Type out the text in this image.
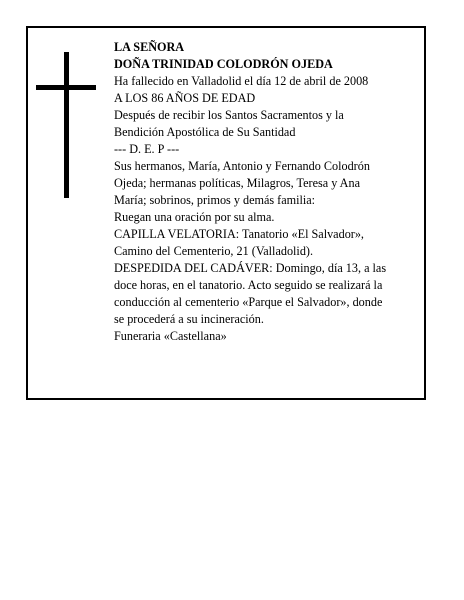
LA SEÑORA
DOÑA TRINIDAD COLODRÓN OJEDA
Ha fallecido en Valladolid el día 12 de abril de 2008
A LOS 86 AÑOS DE EDAD
Después de recibir los Santos Sacramentos y la
Bendición Apostólica de Su Santidad
--- D. E. P ---
Sus hermanos, María, Antonio y Fernando Colodrón
Ojeda; hermanas políticas, Milagros, Teresa y Ana
María; sobrinos, primos y demás familia:
Ruegan una oración por su alma.
CAPILLA VELATORIA: Tanatorio «El Salvador»,
Camino del Cementerio, 21 (Valladolid).
DESPEDIDA DEL CADÁVER: Domingo, día 13, a las
doce horas, en el tanatorio. Acto seguido se realizará la
conducción al cementerio «Parque el Salvador», donde
se procederá a su incineración.
Funeraria «Castellana»
